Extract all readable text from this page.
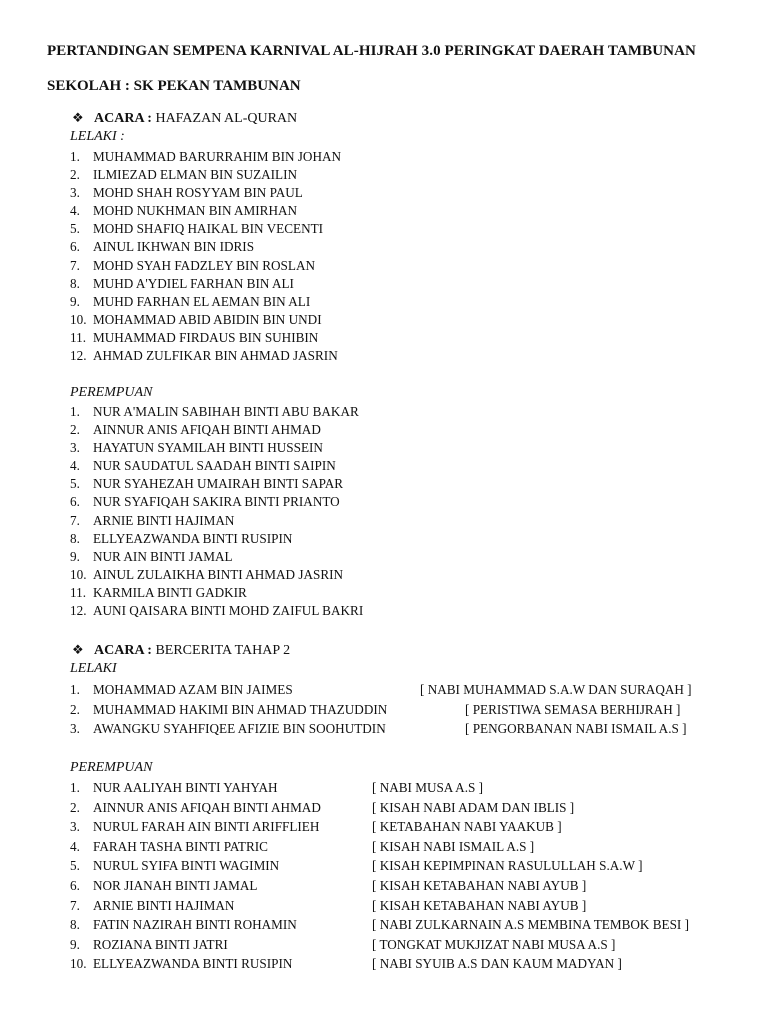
PERTANDINGAN SEMPENA KARNIVAL AL-HIJRAH 3.0 PERINGKAT DAERAH TAMBUNAN
SEKOLAH : SK PEKAN TAMBUNAN
❖ ACARA : HAFAZAN AL-QURAN
LELAKI :
1. MUHAMMAD BARURRAHIM BIN JOHAN
2. ILMIEZAD ELMAN BIN SUZAILIN
3. MOHD SHAH ROSYYAM BIN PAUL
4. MOHD NUKHMAN BIN AMIRHAN
5. MOHD SHAFIQ HAIKAL BIN VECENTI
6. AINUL IKHWAN BIN IDRIS
7. MOHD SYAH FADZLEY BIN ROSLAN
8. MUHD A'YDIEL FARHAN BIN ALI
9. MUHD FARHAN EL AEMAN BIN ALI
10. MOHAMMAD ABID ABIDIN BIN UNDI
11. MUHAMMAD FIRDAUS BIN SUHIBIN
12. AHMAD ZULFIKAR BIN AHMAD JASRIN
PEREMPUAN
1. NUR A'MALIN SABIHAH BINTI ABU BAKAR
2. AINNUR ANIS AFIQAH BINTI AHMAD
3. HAYATUN SYAMILAH BINTI HUSSEIN
4. NUR SAUDATUL SAADAH BINTI SAIPIN
5. NUR SYAHEZAH UMAIRAH BINTI SAPAR
6. NUR SYAFIQAH SAKIRA BINTI PRIANTO
7. ARNIE BINTI HAJIMAN
8. ELLYEAZWANDA BINTI RUSIPIN
9. NUR AIN BINTI JAMAL
10. AINUL ZULAIKHA BINTI AHMAD JASRIN
11. KARMILA BINTI GADKIR
12. AUNI QAISARA BINTI MOHD ZAIFUL BAKRI
❖ ACARA : BERCERITA TAHAP 2
LELAKI
1. MOHAMMAD AZAM BIN JAIMES	[ NABI MUHAMMAD S.A.W DAN SURAQAH ]
2. MUHAMMAD HAKIMI BIN AHMAD THAZUDDIN	[ PERISTIWA SEMASA BERHIJRAH ]
3. AWANGKU SYAHFIQEE AFIZIE BIN SOOHUTDIN	[ PENGORBANAN NABI ISMAIL A.S ]
PEREMPUAN
1. NUR AALIYAH BINTI YAHYAH	[ NABI MUSA A.S ]
2. AINNUR ANIS AFIQAH BINTI AHMAD	[ KISAH NABI ADAM DAN IBLIS ]
3. NURUL FARAH AIN BINTI ARIFFLIEH	[ KETABAHAN NABI YAAKUB ]
4. FARAH TASHA BINTI PATRIC	[ KISAH NABI ISMAIL A.S ]
5. NURUL SYIFA BINTI WAGIMIN	[ KISAH KEPIMPINAN RASULULLAH S.A.W ]
6. NOR JIANAH BINTI JAMAL	[ KISAH KETABAHAN NABI AYUB ]
7. ARNIE BINTI HAJIMAN	[ KISAH KETABAHAN NABI AYUB ]
8. FATIN NAZIRAH BINTI ROHAMIN	[ NABI ZULKARNAIN A.S MEMBINA TEMBOK BESI ]
9. ROZIANA BINTI JATRI	[ TONGKAT MUKJIZAT NABI MUSA A.S ]
10. ELLYEAZWANDA BINTI RUSIPIN	[ NABI SYUIB A.S DAN KAUM MADYAN ]
